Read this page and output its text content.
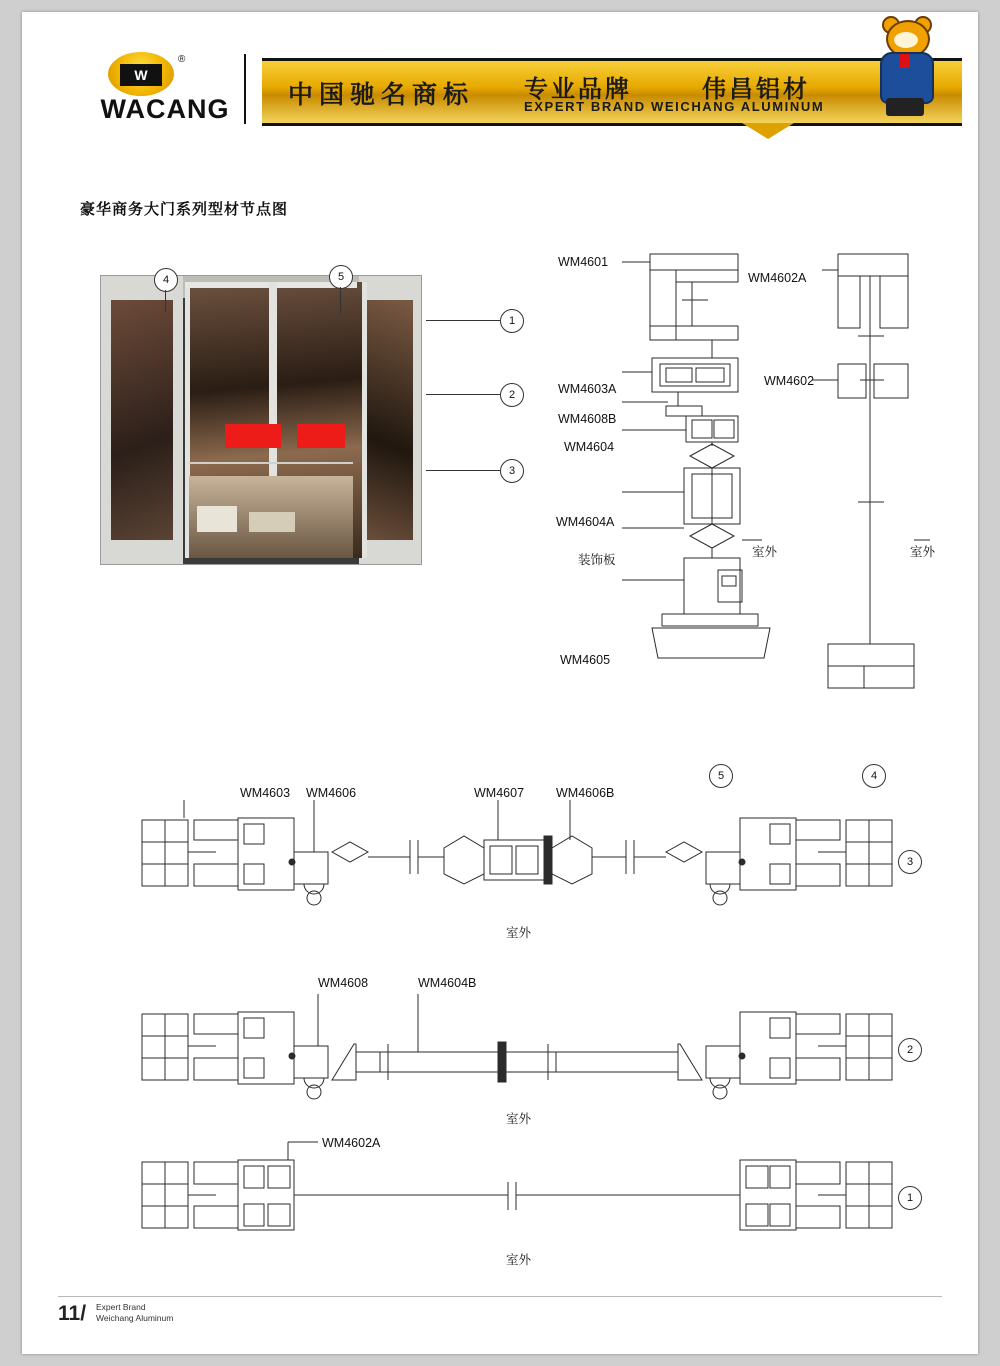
W
®
WACANG	中国驰名商标 专业品牌	伟昌铝材
EXPERT BRAND WEICHANG ALUMINUM
豪华商务大门系列型材节点图
4	5
1
2
3
WM4601
WM4603A
WM4608B
WM4604
WM4604A
装饰板
WM4605
WM4602A
WM4602
室外	室外
5	4
WM4603 WM4606	WM4607	WM4606B
室外
3
WM4608	WM4604B
室外
2
WM4602A
室外
1
11/ Expert Brand
Weichang Aluminum
